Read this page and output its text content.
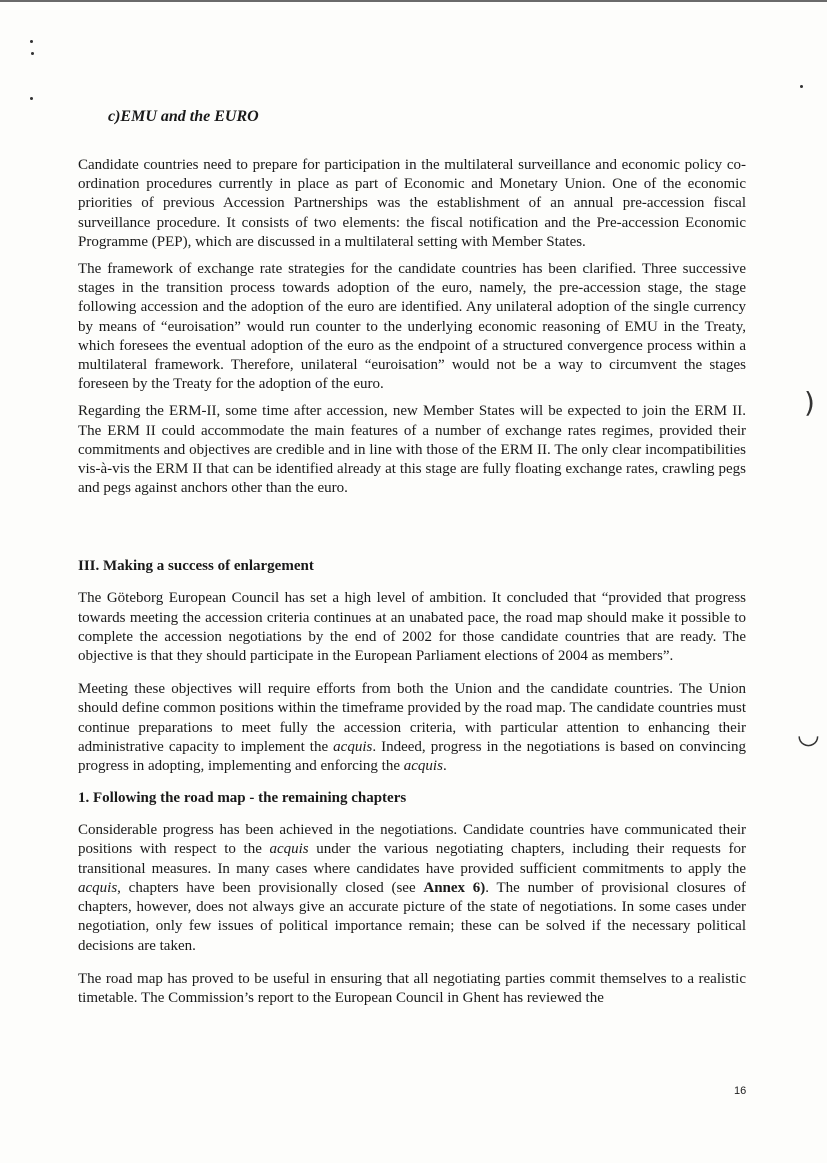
)
◡
c)EMU and the EURO

Candidate countries need to prepare for participation in the multilateral surveillance and economic policy co-ordination procedures currently in place as part of Economic and Monetary Union. One of the economic priorities of previous Accession Partnerships was the establishment of an annual pre-accession fiscal surveillance procedure. It consists of two elements: the fiscal notification and the Pre-accession Economic Programme (PEP), which are discussed in a multilateral setting with Member States.

The framework of exchange rate strategies for the candidate countries has been clarified. Three successive stages in the transition process towards adoption of the euro, namely, the pre-accession stage, the stage following accession and the adoption of the euro are identified. Any unilateral adoption of the single currency by means of “euroisation” would run counter to the underlying economic reasoning of EMU in the Treaty, which foresees the eventual adoption of the euro as the endpoint of a structured convergence process within a multilateral framework. Therefore, unilateral “euroisation” would not be a way to circumvent the stages foreseen by the Treaty for the adoption of the euro.

Regarding the ERM-II, some time after accession, new Member States will be expected to join the ERM II. The ERM II could accommodate the main features of a number of exchange rates regimes, provided their commitments and objectives are credible and in line with those of the ERM II. The only clear incompatibilities vis-à-vis the ERM II that can be identified already at this stage are fully floating exchange rates, crawling pegs and pegs against anchors other than the euro.

III. Making a success of enlargement

The Göteborg European Council has set a high level of ambition. It concluded that “provided that progress towards meeting the accession criteria continues at an unabated pace, the road map should make it possible to complete the accession negotiations by the end of 2002 for those candidate countries that are ready. The objective is that they should participate in the European Parliament elections of 2004 as members”.

Meeting these objectives will require efforts from both the Union and the candidate countries. The Union should define common positions within the timeframe provided by the road map. The candidate countries must continue preparations to meet fully the accession criteria, with particular attention to enhancing their administrative capacity to implement the acquis. Indeed, progress in the negotiations is based on convincing progress in adopting, implementing and enforcing the acquis.

1. Following the road map - the remaining chapters

Considerable progress has been achieved in the negotiations. Candidate countries have communicated their positions with respect to the acquis under the various negotiating chapters, including their requests for transitional measures. In many cases where candidates have provided sufficient commitments to apply the acquis, chapters have been provisionally closed (see Annex 6). The number of provisional closures of chapters, however, does not always give an accurate picture of the state of negotiations. In some cases under negotiation, only few issues of political importance remain; these can be solved if the necessary political decisions are taken.

The road map has proved to be useful in ensuring that all negotiating parties commit themselves to a realistic timetable. The Commission’s report to the European Council in Ghent has reviewed the

16
